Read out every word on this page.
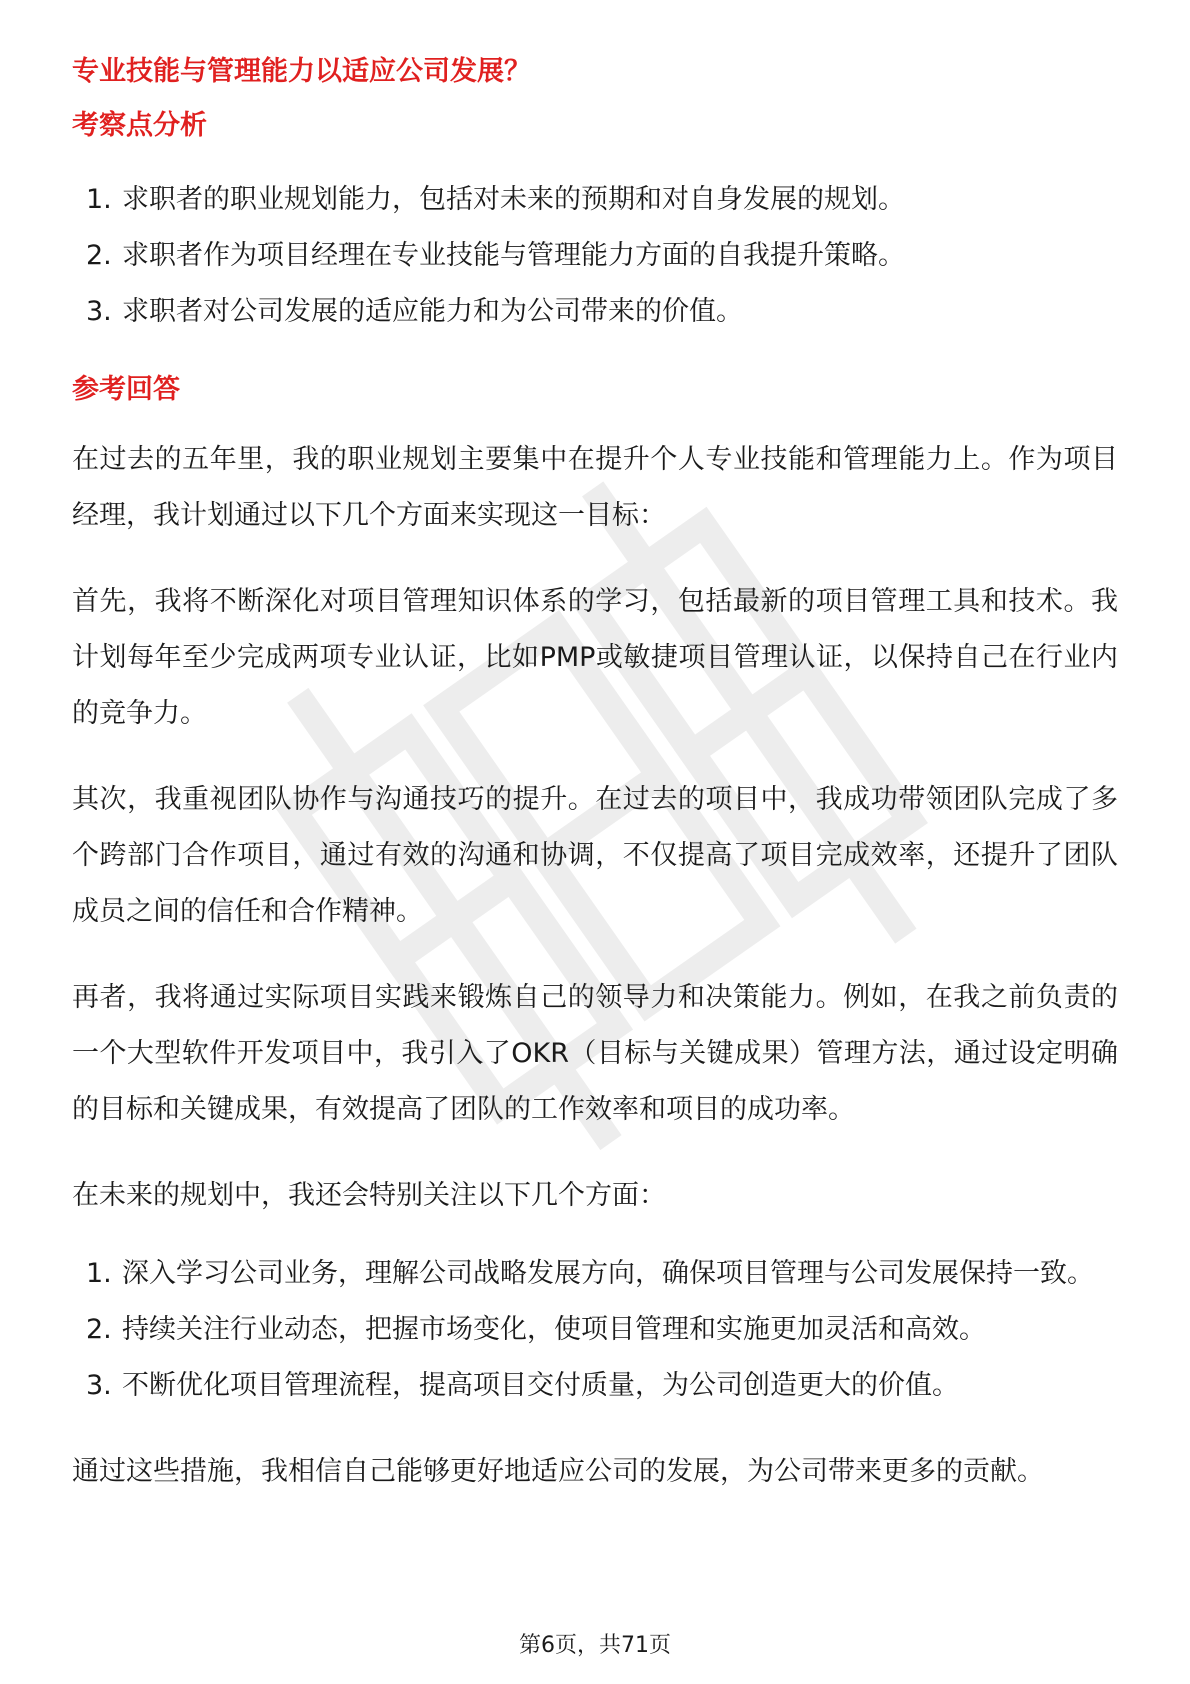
专业技能与管理能力以适应公司发展？
考察点分析
1. 求职者的职业规划能力，包括对未来的预期和对自身发展的规划。
2. 求职者作为项目经理在专业技能与管理能力方面的自我提升策略。
3. 求职者对公司发展的适应能力和为公司带来的价值。
参考回答

在过去的五年里，我的职业规划主要集中在提升个人专业技能和管理能力上。作为项目经理，我计划通过以下几个方面来实现这一目标：

首先，我将不断深化对项目管理知识体系的学习，包括最新的项目管理工具和技术。我计划每年至少完成两项专业认证，比如PMP或敏捷项目管理认证，以保持自己在行业内的竞争力。

其次，我重视团队协作与沟通技巧的提升。在过去的项目中，我成功带领团队完成了多个跨部门合作项目，通过有效的沟通和协调，不仅提高了项目完成效率，还提升了团队成员之间的信任和合作精神。

再者，我将通过实际项目实践来锻炼自己的领导力和决策能力。例如，在我之前负责的一个大型软件开发项目中，我引入了OKR（目标与关键成果）管理方法，通过设定明确的目标和关键成果，有效提高了团队的工作效率和项目的成功率。

在未来的规划中，我还会特别关注以下几个方面：

1. 深入学习公司业务，理解公司战略发展方向，确保项目管理与公司发展保持一致。
2. 持续关注行业动态，把握市场变化，使项目管理和实施更加灵活和高效。
3. 不断优化项目管理流程，提高项目交付质量，为公司创造更大的价值。

通过这些措施，我相信自己能够更好地适应公司的发展，为公司带来更多的贡献。

第6页，共71页
